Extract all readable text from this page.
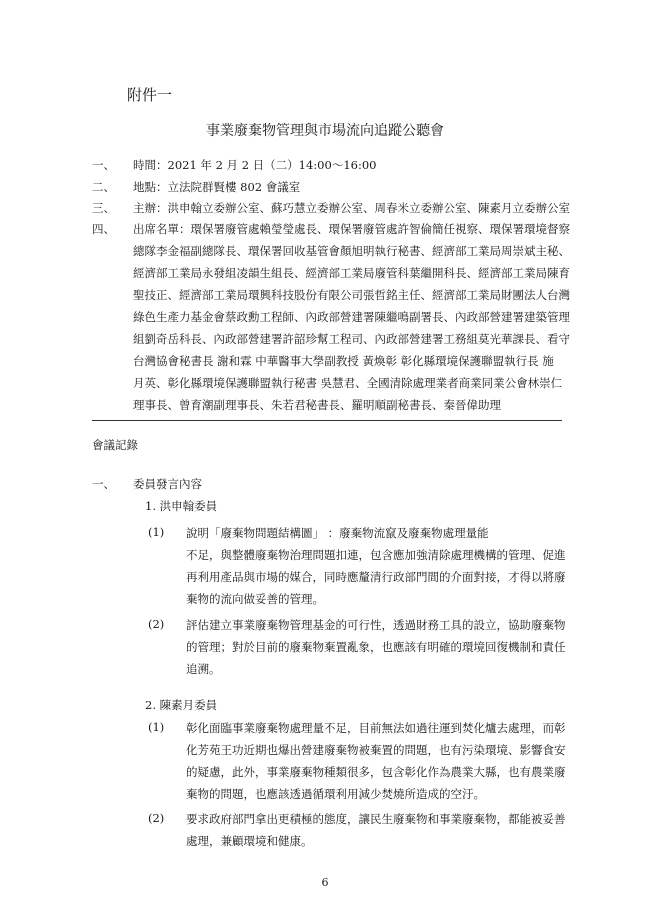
附件一
事業廢棄物管理與市場流向追蹤公聽會
一、 時間：2021 年 2 月 2 日（二）14:00～16:00
二、 地點：立法院群賢樓 802 會議室
三、 主辦：洪申翰立委辦公室、蘇巧慧立委辦公室、周春米立委辦公室、陳素月立委辦公室
四、 出席名單：環保署廢管處賴瑩瑩處長、環保署廢管處許智倫簡任視察、環保署環境督察
總隊李金福副總隊長、環保署回收基管會顏旭明執行秘書、經濟部工業局周崇斌主秘、
經濟部工業局永發組凌韻生組長、經濟部工業局廢管科葉繼開科長、經濟部工業局陳育
聖技正、經濟部工業局環興科技股份有限公司張哲銘主任、經濟部工業局財團法人台灣
綠色生產力基金會蔡政勳工程師、內政部營建署陳繼鳴副署長、內政部營建署建築管理
組劉奇岳科長、內政部營建署許韶珍幫工程司、內政部營建署工務組莫光華課長、看守
台灣協會秘書長 謝和霖 中華醫事大學副教授 黃煥彰 彰化縣環境保護聯盟執行長 施
月英、彰化縣環境保護聯盟執行秘書 吳慧君、全國清除處理業者商業同業公會林崇仁
理事長、曾育潮副理事長、朱若君秘書長、羅明順副秘書長、秦晉偉助理
會議記錄
一、 委員發言內容
1. 洪申翰委員
(1) 說明「廢棄物問題結構圖」 ：廢棄物流竄及廢棄物處理量能
不足，與整體廢棄物治理問題扣連，包含應加強清除處理機構的管理、促進
再利用產品與市場的媒合，同時應釐清行政部門間的介面對接，才得以將廢
棄物的流向做妥善的管理。
(2) 評估建立事業廢棄物管理基金的可行性，透過財務工具的設立，協助廢棄物
的管理；對於目前的廢棄物棄置亂象，也應該有明確的環境回復機制和責任
追溯。
2. 陳素月委員
(1) 彰化面臨事業廢棄物處理量不足，目前無法如過往運到焚化爐去處理，而彰
化芳苑王功近期也爆出營建廢棄物被棄置的問題，也有污染環境、影響食安
的疑慮，此外，事業廢棄物種類很多，包含彰化作為農業大縣，也有農業廢
棄物的問題，也應該透過循環利用減少焚燒所造成的空汙。
(2) 要求政府部門拿出更積極的態度，讓民生廢棄物和事業廢棄物，都能被妥善
處理，兼顧環境和健康。
6
